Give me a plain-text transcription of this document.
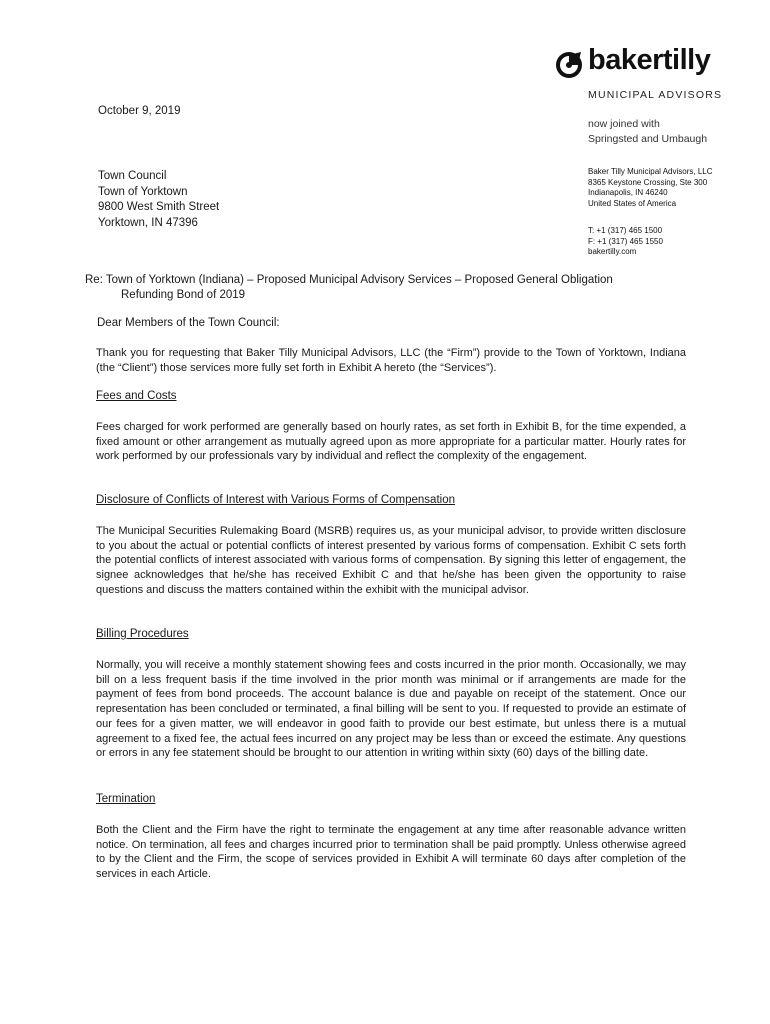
bakertilly
MUNICIPAL ADVISORS
now joined with
Springsted and Umbaugh
Baker Tilly Municipal Advisors, LLC
8365 Keystone Crossing, Ste 300
Indianapolis, IN 46240
United States of America
T: +1 (317) 465 1500
F: +1 (317) 465 1550
bakertilly.com
October 9, 2019
Town Council
Town of Yorktown
9800 West Smith Street
Yorktown, IN 47396
Re: Town of Yorktown (Indiana) – Proposed Municipal Advisory Services – Proposed General Obligation
Refunding Bond of 2019
Dear Members of the Town Council:
Thank you for requesting that Baker Tilly Municipal Advisors, LLC (the “Firm”) provide to the Town of Yorktown, Indiana (the “Client”) those services more fully set forth in Exhibit A hereto (the “Services”).
Fees and Costs
Fees charged for work performed are generally based on hourly rates, as set forth in Exhibit B, for the time expended, a fixed amount or other arrangement as mutually agreed upon as more appropriate for a particular matter. Hourly rates for work performed by our professionals vary by individual and reflect the complexity of the engagement.
Disclosure of Conflicts of Interest with Various Forms of Compensation
The Municipal Securities Rulemaking Board (MSRB) requires us, as your municipal advisor, to provide written disclosure to you about the actual or potential conflicts of interest presented by various forms of compensation. Exhibit C sets forth the potential conflicts of interest associated with various forms of compensation. By signing this letter of engagement, the signee acknowledges that he/she has received Exhibit C and that he/she has been given the opportunity to raise questions and discuss the matters contained within the exhibit with the municipal advisor.
Billing Procedures
Normally, you will receive a monthly statement showing fees and costs incurred in the prior month. Occasionally, we may bill on a less frequent basis if the time involved in the prior month was minimal or if arrangements are made for the payment of fees from bond proceeds. The account balance is due and payable on receipt of the statement. Once our representation has been concluded or terminated, a final billing will be sent to you. If requested to provide an estimate of our fees for a given matter, we will endeavor in good faith to provide our best estimate, but unless there is a mutual agreement to a fixed fee, the actual fees incurred on any project may be less than or exceed the estimate. Any questions or errors in any fee statement should be brought to our attention in writing within sixty (60) days of the billing date.
Termination
Both the Client and the Firm have the right to terminate the engagement at any time after reasonable advance written notice. On termination, all fees and charges incurred prior to termination shall be paid promptly. Unless otherwise agreed to by the Client and the Firm, the scope of services provided in Exhibit A will terminate 60 days after completion of the services in each Article.
